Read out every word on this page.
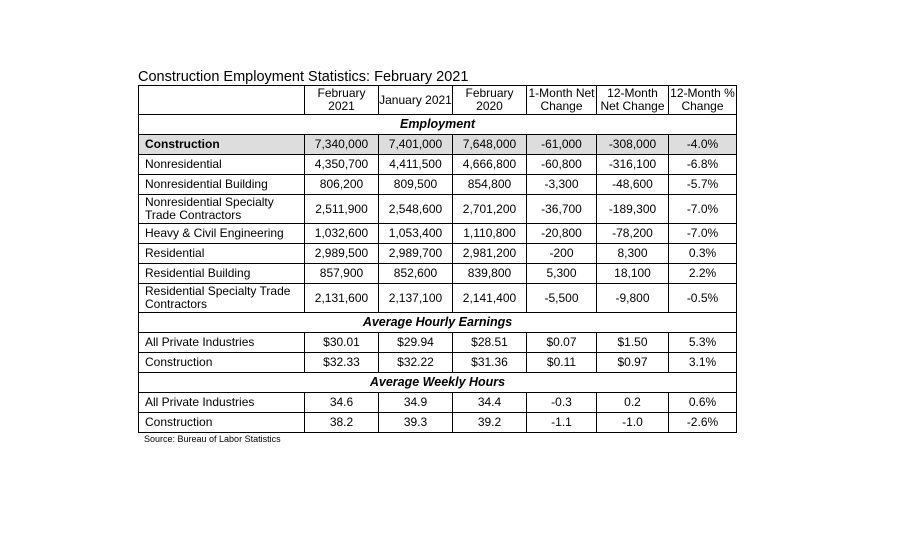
Construction Employment Statistics: February 2021
	February 2021	January 2021	February 2020	1-Month Net Change	12-Month Net Change	12-Month % Change
Employment						
Construction	7,340,000	7,401,000	7,648,000	-61,000	-308,000	-4.0%
Nonresidential	4,350,700	4,411,500	4,666,800	-60,800	-316,100	-6.8%
Nonresidential Building	806,200	809,500	854,800	-3,300	-48,600	-5.7%
Nonresidential Specialty Trade Contractors	2,511,900	2,548,600	2,701,200	-36,700	-189,300	-7.0%
Heavy & Civil Engineering	1,032,600	1,053,400	1,110,800	-20,800	-78,200	-7.0%
Residential	2,989,500	2,989,700	2,981,200	-200	8,300	0.3%
Residential Building	857,900	852,600	839,800	5,300	18,100	2.2%
Residential Specialty Trade Contractors	2,131,600	2,137,100	2,141,400	-5,500	-9,800	-0.5%
Average Hourly Earnings						
All Private Industries	$30.01	$29.94	$28.51	$0.07	$1.50	5.3%
Construction	$32.33	$32.22	$31.36	$0.11	$0.97	3.1%
Average Weekly Hours						
All Private Industries	34.6	34.9	34.4	-0.3	0.2	0.6%
Construction	38.2	39.3	39.2	-1.1	-1.0	-2.6%
Source: Bureau of Labor Statistics
